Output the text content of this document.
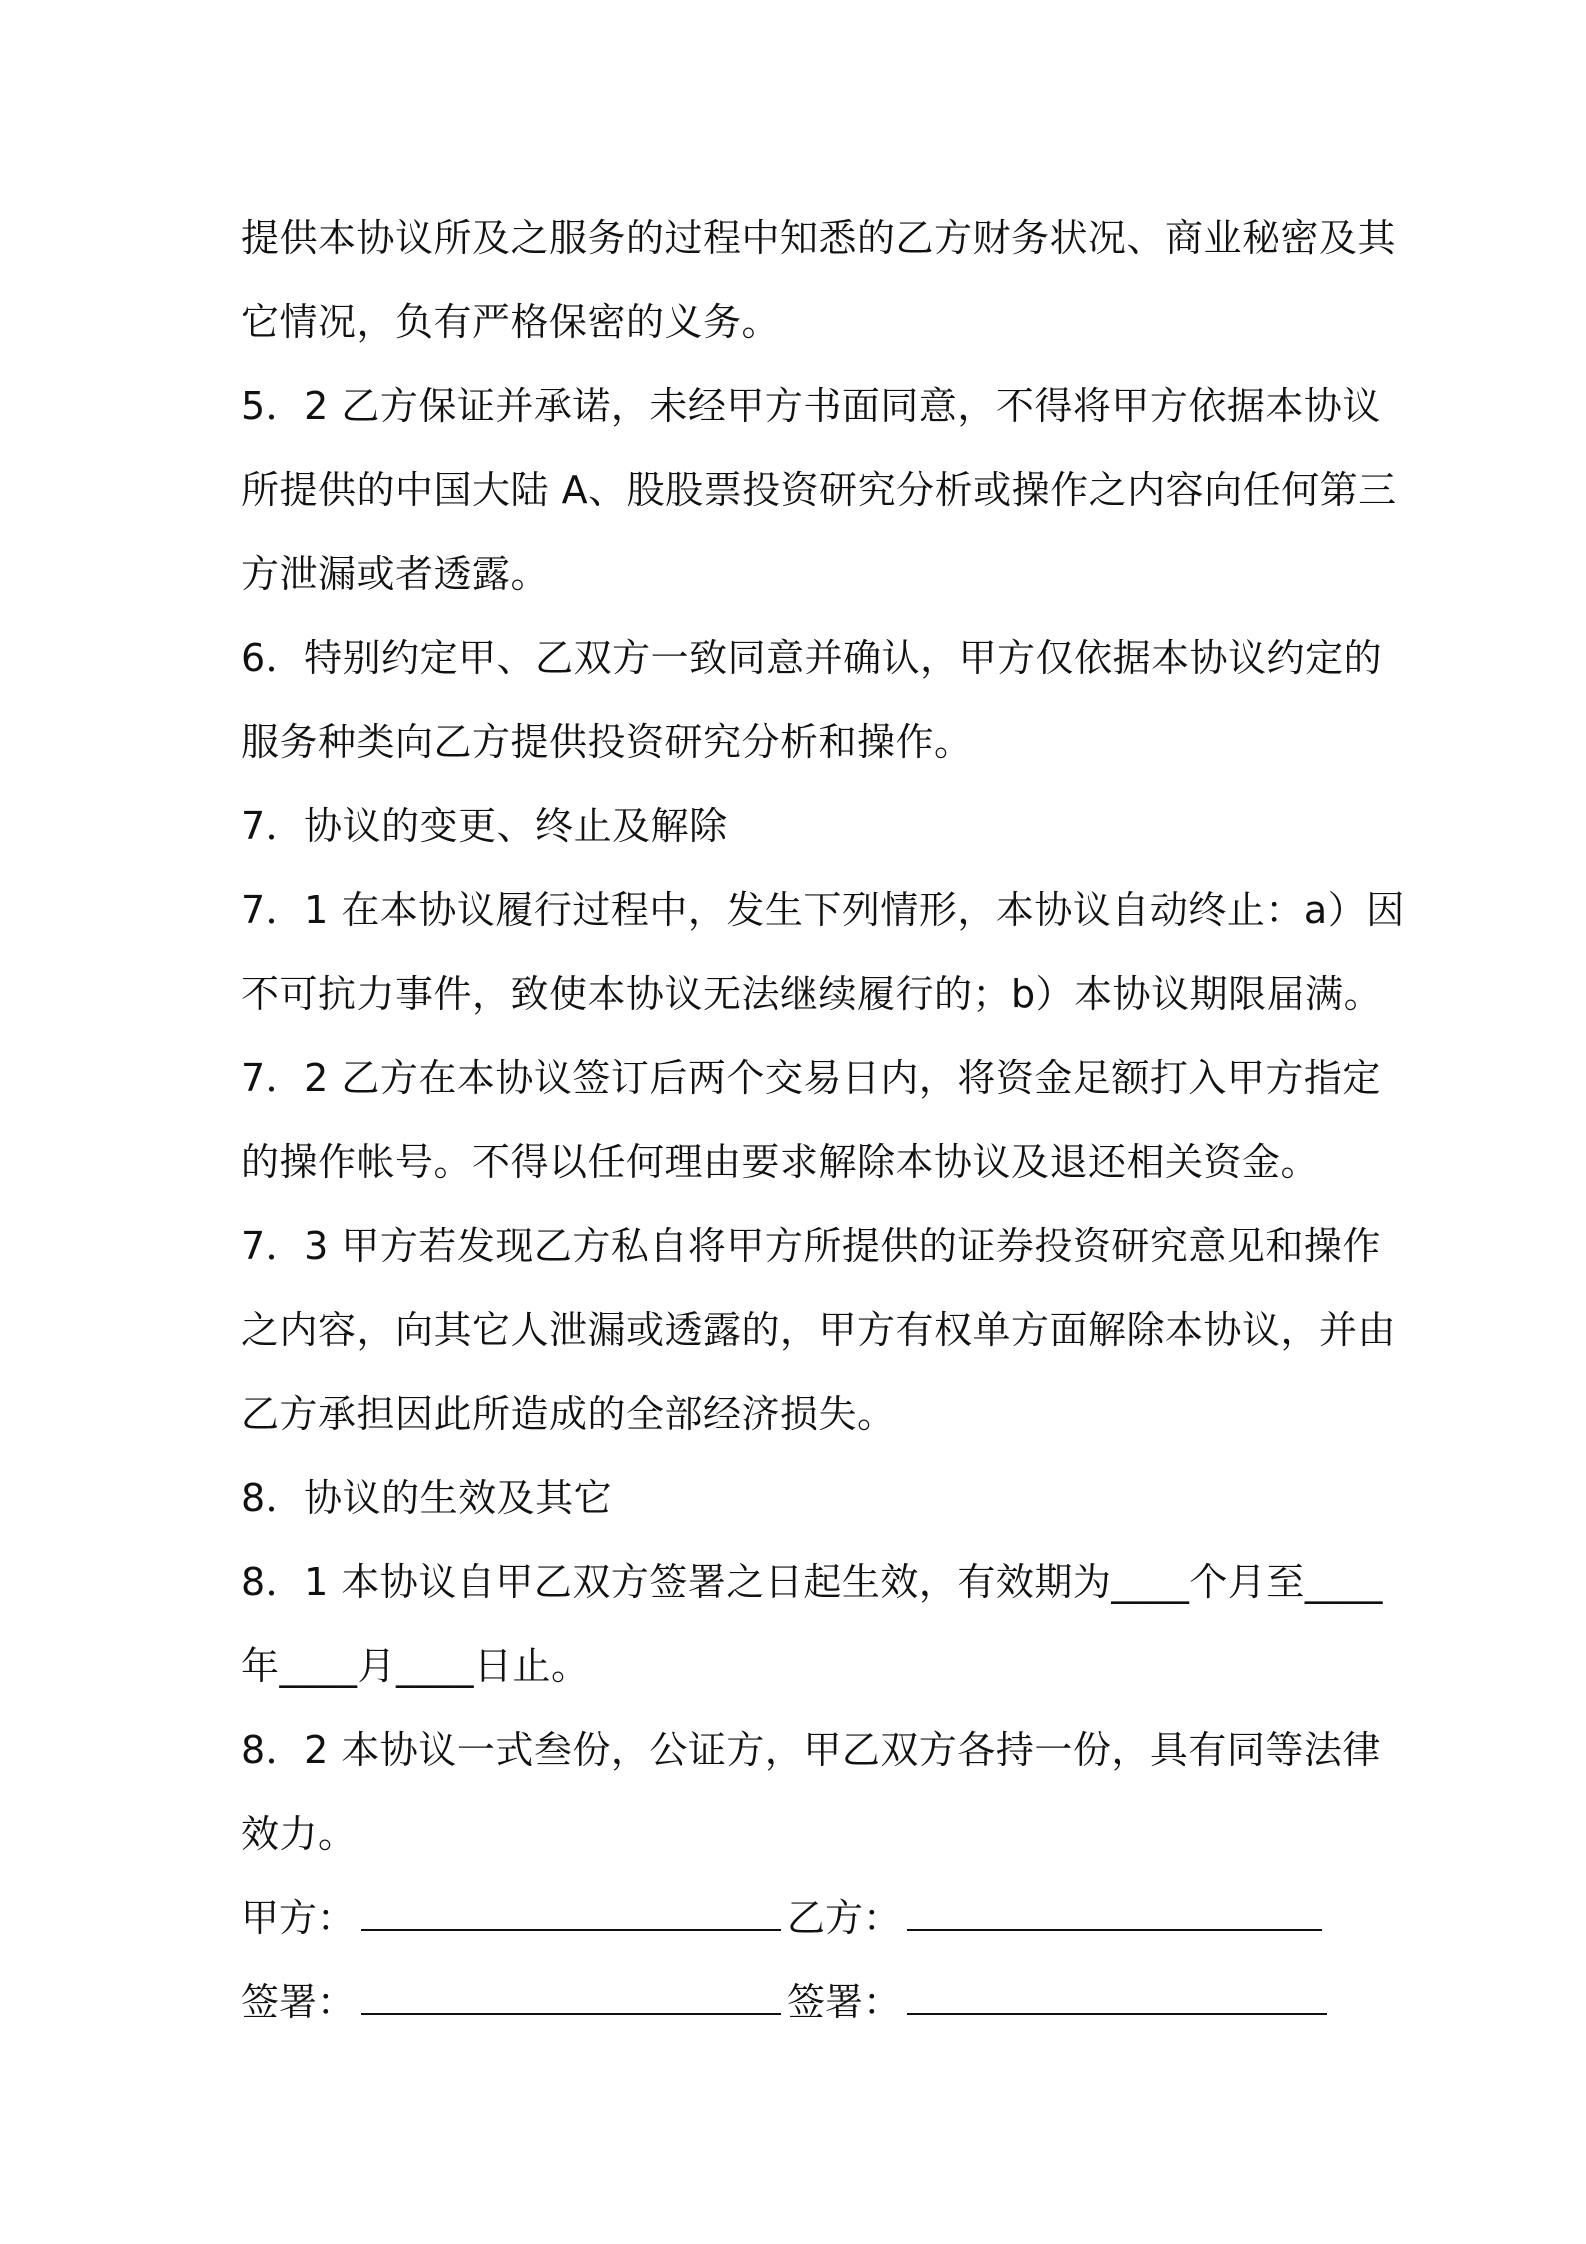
提供本协议所及之服务的过程中知悉的乙方财务状况、商业秘密及其
它情况，负有严格保密的义务。
5．2 乙方保证并承诺，未经甲方书面同意，不得将甲方依据本协议
所提供的中国大陆 A、股股票投资研究分析或操作之内容向任何第三
方泄漏或者透露。
6．特别约定甲、乙双方一致同意并确认，甲方仅依据本协议约定的
服务种类向乙方提供投资研究分析和操作。
7．协议的变更、终止及解除
7．1 在本协议履行过程中，发生下列情形，本协议自动终止：a）因
不可抗力事件，致使本协议无法继续履行的；b）本协议期限届满。
7．2 乙方在本协议签订后两个交易日内，将资金足额打入甲方指定
的操作帐号。不得以任何理由要求解除本协议及退还相关资金。
7．3 甲方若发现乙方私自将甲方所提供的证券投资研究意见和操作
之内容，向其它人泄漏或透露的，甲方有权单方面解除本协议，并由
乙方承担因此所造成的全部经济损失。
8．协议的生效及其它
8．1 本协议自甲乙双方签署之日起生效，有效期为____个月至____
年____月____日止。
8．2 本协议一式叁份，公证方，甲乙双方各持一份，具有同等法律
效力。
甲方：	乙方：
签署：	签署：
